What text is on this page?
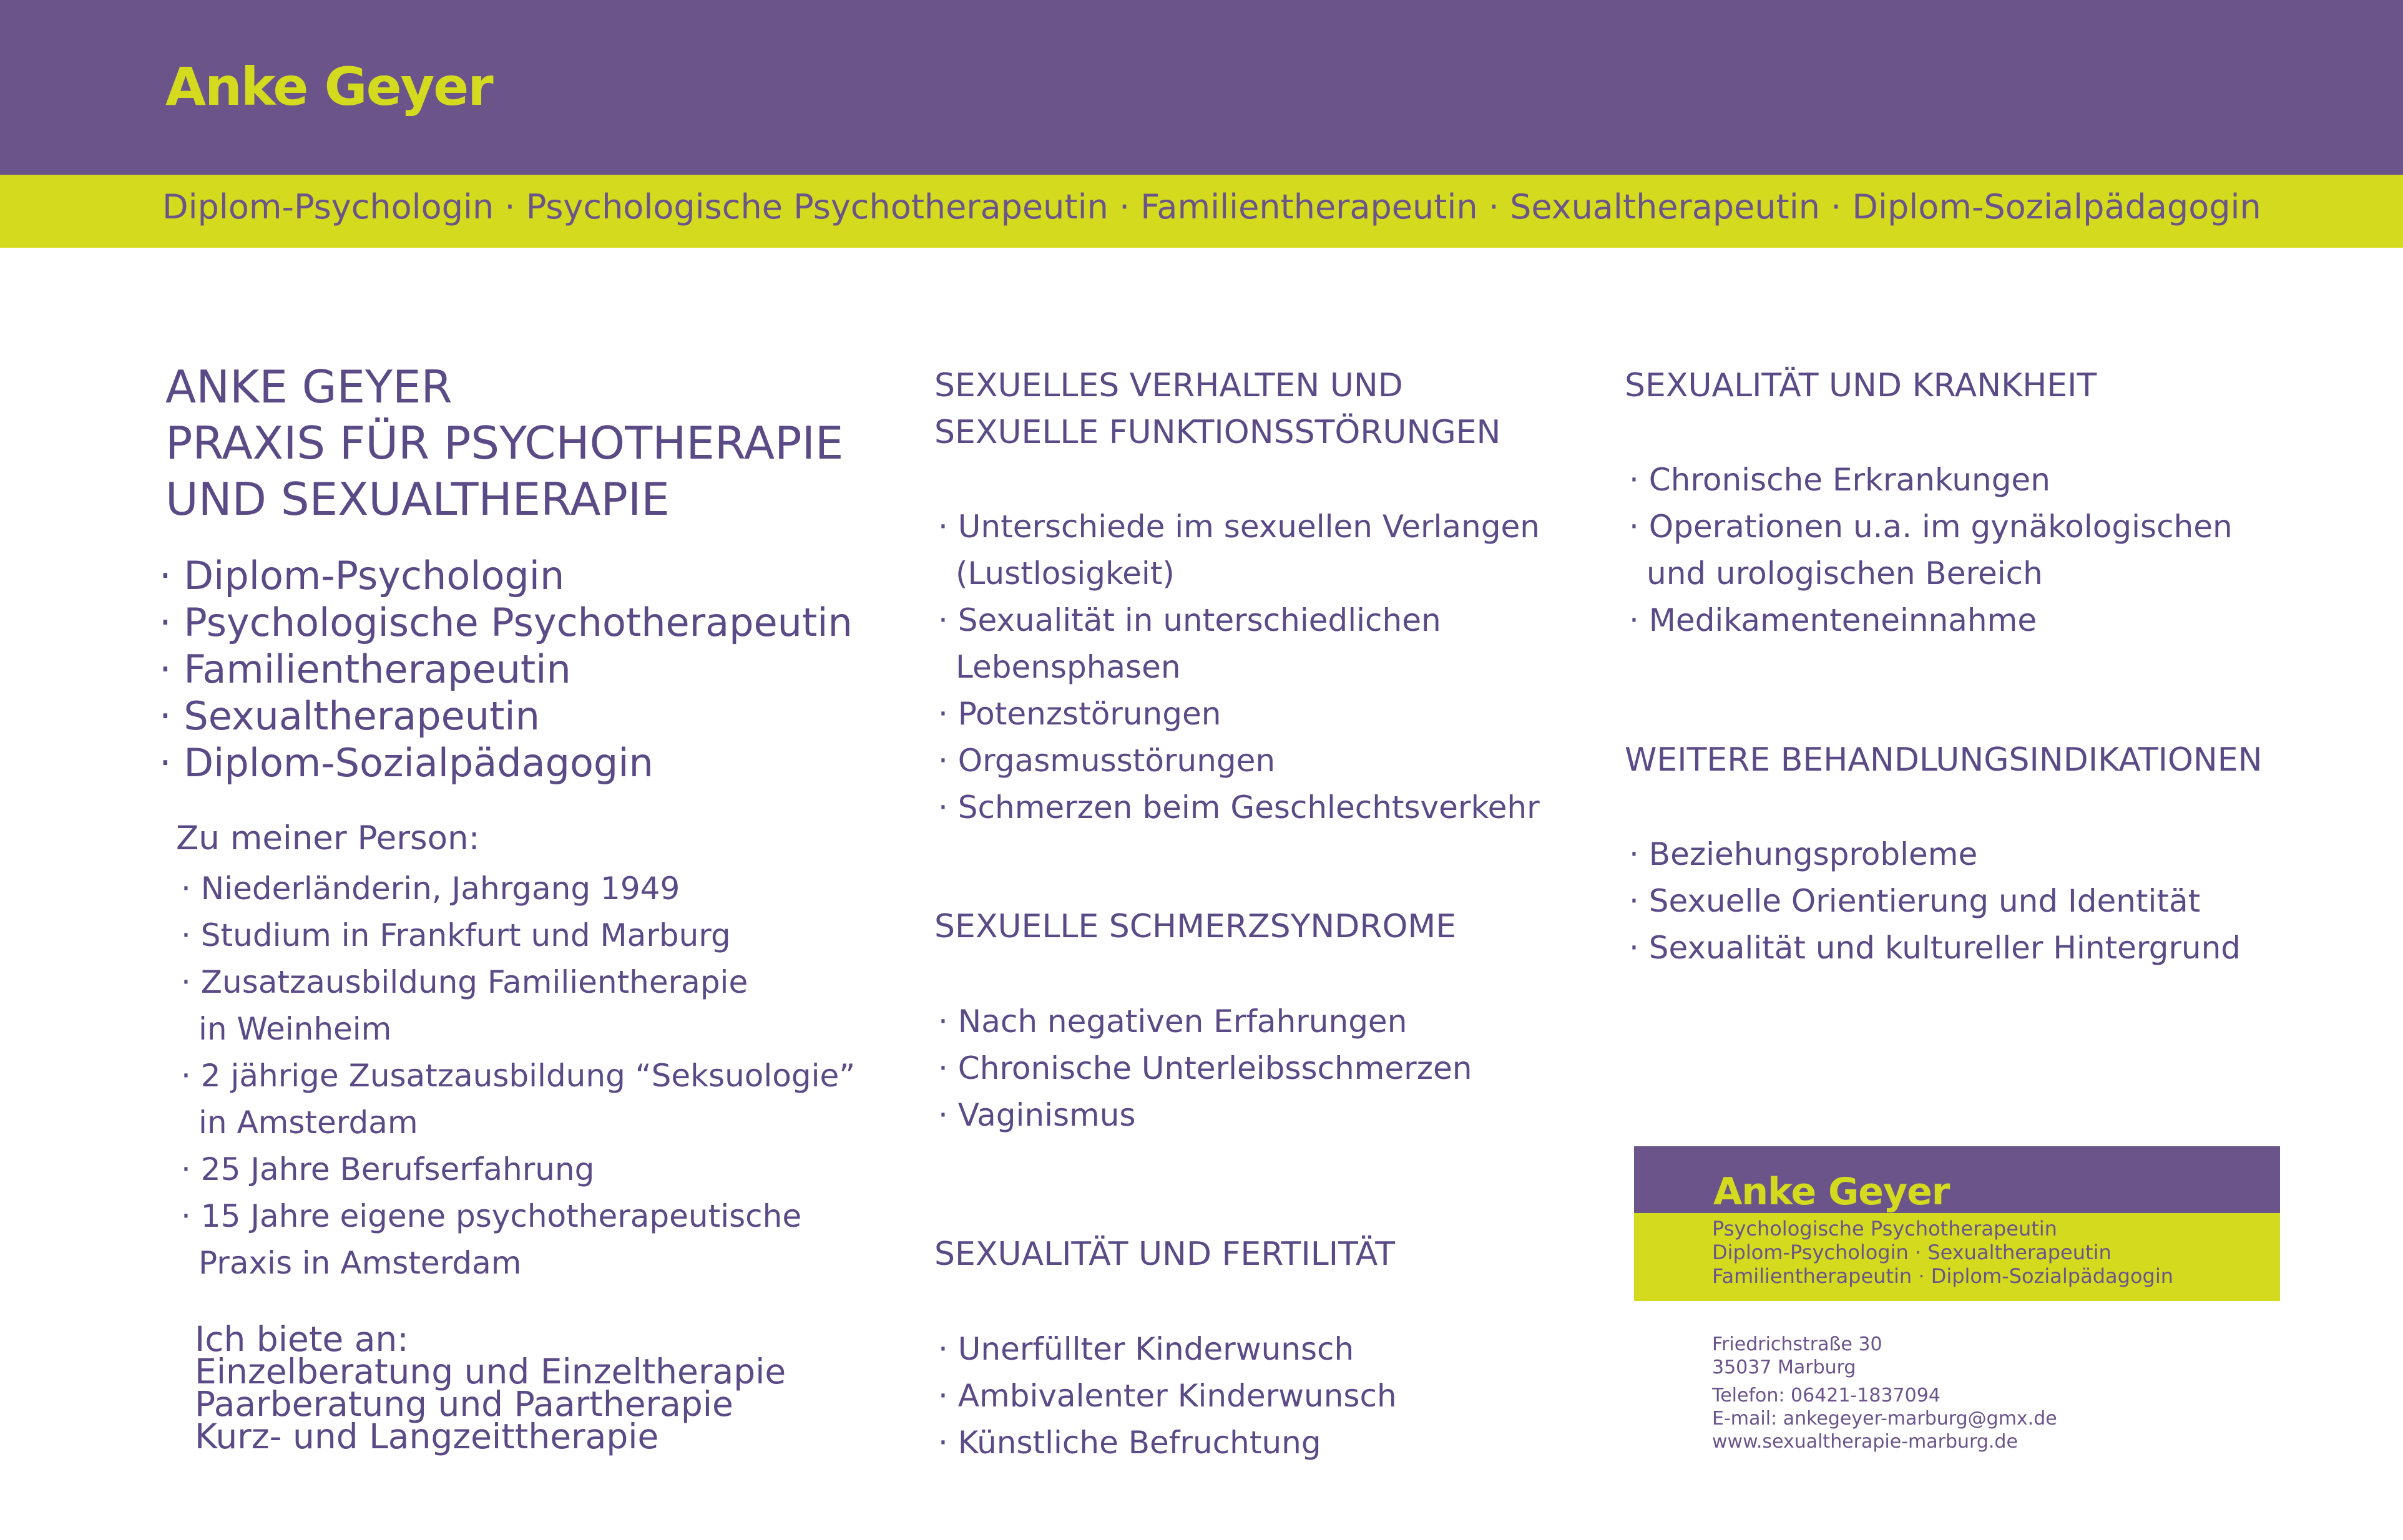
Anke Geyer
Diplom-Psychologin · Psychologische Psychotherapeutin · Familientherapeutin · Sexualtherapeutin · Diplom-Sozialpädagogin
ANKE GEYER
PRAXIS FÜR PSYCHOTHERAPIE
UND SEXUALTHERAPIE
· Diplom-Psychologin
· Psychologische Psychotherapeutin
· Familientherapeutin
· Sexualtherapeutin
· Diplom-Sozialpädagogin
Zu meiner Person:
· Niederländerin, Jahrgang 1949
· Studium in Frankfurt und Marburg
· Zusatzausbildung Familientherapie
in Weinheim
· 2 jährige Zusatzausbildung “Seksuologie”
in Amsterdam
· 25 Jahre Berufserfahrung
· 15 Jahre eigene psychotherapeutische
Praxis in Amsterdam
Ich biete an:
Einzelberatung und Einzeltherapie
Paarberatung und Paartherapie
Kurz- und Langzeittherapie
SEXUELLES VERHALTEN UND
SEXUELLE FUNKTIONSSTÖRUNGEN
· Unterschiede im sexuellen Verlangen
(Lustlosigkeit)
· Sexualität in unterschiedlichen
Lebensphasen
· Potenzstörungen
· Orgasmusstörungen
· Schmerzen beim Geschlechtsverkehr
SEXUELLE SCHMERZSYNDROME
· Nach negativen Erfahrungen
· Chronische Unterleibsschmerzen
· Vaginismus
SEXUALITÄT UND FERTILITÄT
· Unerfüllter Kinderwunsch
· Ambivalenter Kinderwunsch
· Künstliche Befruchtung
SEXUALITÄT UND KRANKHEIT
· Chronische Erkrankungen
· Operationen u.a. im gynäkologischen
und urologischen Bereich
· Medikamenteneinnahme
WEITERE BEHANDLUNGSINDIKATIONEN
· Beziehungsprobleme
· Sexuelle Orientierung und Identität
· Sexualität und kultureller Hintergrund
Anke Geyer
Psychologische Psychotherapeutin
Diplom-Psychologin · Sexualtherapeutin
Familientherapeutin · Diplom-Sozialpädagogin
Friedrichstraße 30
35037 Marburg
Telefon: 06421-1837094
E-mail: ankegeyer-marburg@gmx.de
www.sexualtherapie-marburg.de
